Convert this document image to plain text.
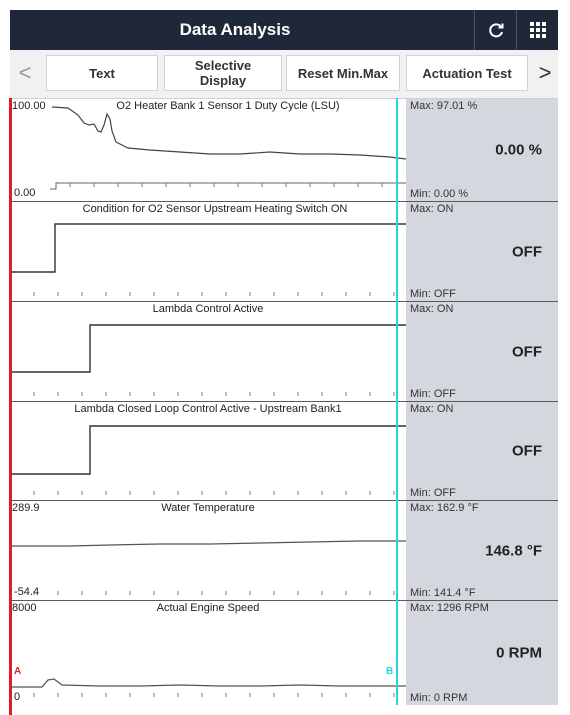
Data Analysis
<	Text	Selective Display	Reset Min.Max	Actuation Test	>
100.00
0.00
O2 Heater Bank 1 Sensor 1 Duty Cycle (LSU)	Max: 97.01 %
0.00 %
Min: 0.00 %
Condition for O2 Sensor Upstream Heating Switch ON	Max: ON
OFF
Min: OFF
Lambda Control Active	Max: ON
OFF
Min: OFF
Lambda Closed Loop Control Active - Upstream Bank1	Max: ON
OFF
Min: OFF
289.9
-54.4
Water Temperature	Max: 162.9 °F
146.8 °F
Min: 141.4 °F
8000
0
Actual Engine Speed	Max: 1296 RPM
0 RPM
Min: 0 RPM
A	B
